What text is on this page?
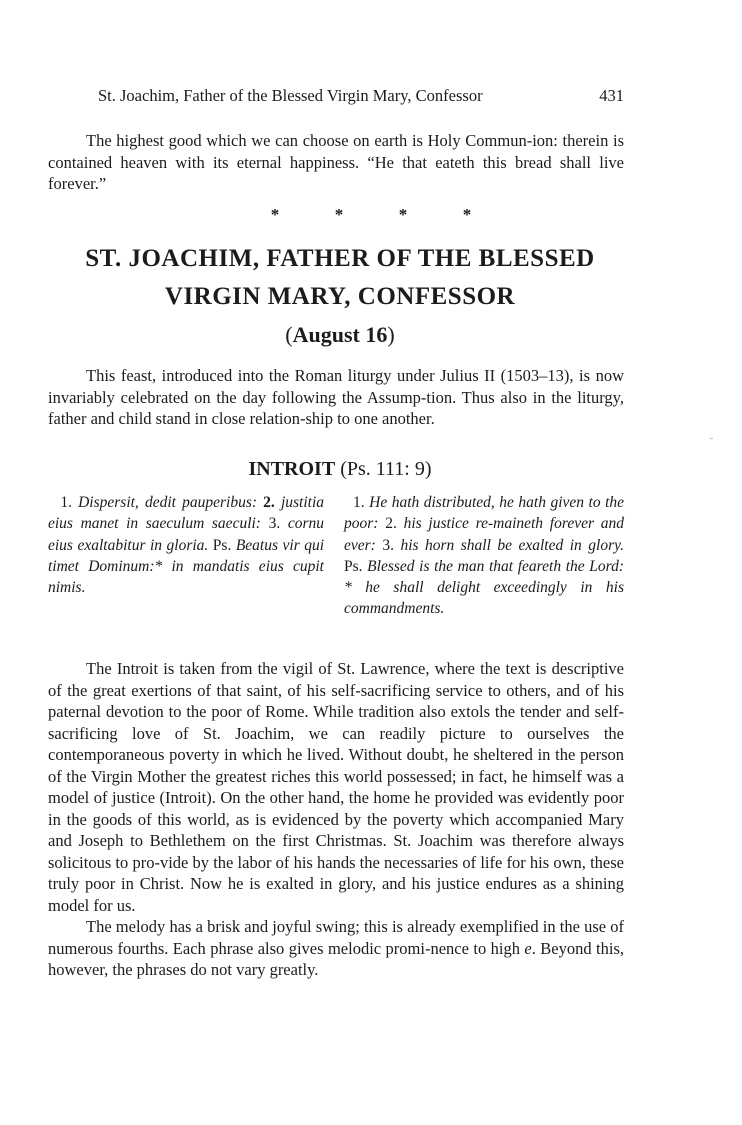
St. Joachim, Father of the Blessed Virgin Mary, Confessor	431

The highest good which we can choose on earth is Holy Commun-ion: therein is contained heaven with its eternal happiness. “He that eateth this bread shall live forever.”

*	*	*	*
ST. JOACHIM, FATHER OF THE BLESSED
VIRGIN MARY, CONFESSOR
(August 16)

This feast, introduced into the Roman liturgy under Julius II (1503–13), is now invariably celebrated on the day following the Assump-tion. Thus also in the liturgy, father and child stand in close relation-ship to one another.

INTROIT (Ps. 111: 9)

1. Dispersit, dedit pauperibus: 2. justitia eius manet in saeculum saeculi: 3. cornu eius exaltabitur in gloria. Ps. Beatus vir qui timet Dominum:* in mandatis eius cupit nimis.

1. He hath distributed, he hath given to the poor: 2. his justice re-maineth forever and ever: 3. his horn shall be exalted in glory. Ps. Blessed is the man that feareth the Lord: * he shall delight exceedingly in his commandments.

The Introit is taken from the vigil of St. Lawrence, where the text is descriptive of the great exertions of that saint, of his self-sacrificing service to others, and of his paternal devotion to the poor of Rome. While tradition also extols the tender and self-sacrificing love of St. Joachim, we can readily picture to ourselves the contemporaneous poverty in which he lived. Without doubt, he sheltered in the person of the Virgin Mother the greatest riches this world possessed; in fact, he himself was a model of justice (Introit). On the other hand, the home he provided was evidently poor in the goods of this world, as is evidenced by the poverty which accompanied Mary and Joseph to Bethlethem on the first Christmas. St. Joachim was therefore always solicitous to pro-vide by the labor of his hands the necessaries of life for his own, these truly poor in Christ. Now he is exalted in glory, and his justice endures as a shining model for us.
The melody has a brisk and joyful swing; this is already exemplified in the use of numerous fourths. Each phrase also gives melodic promi-nence to high e. Beyond this, however, the phrases do not vary greatly.
